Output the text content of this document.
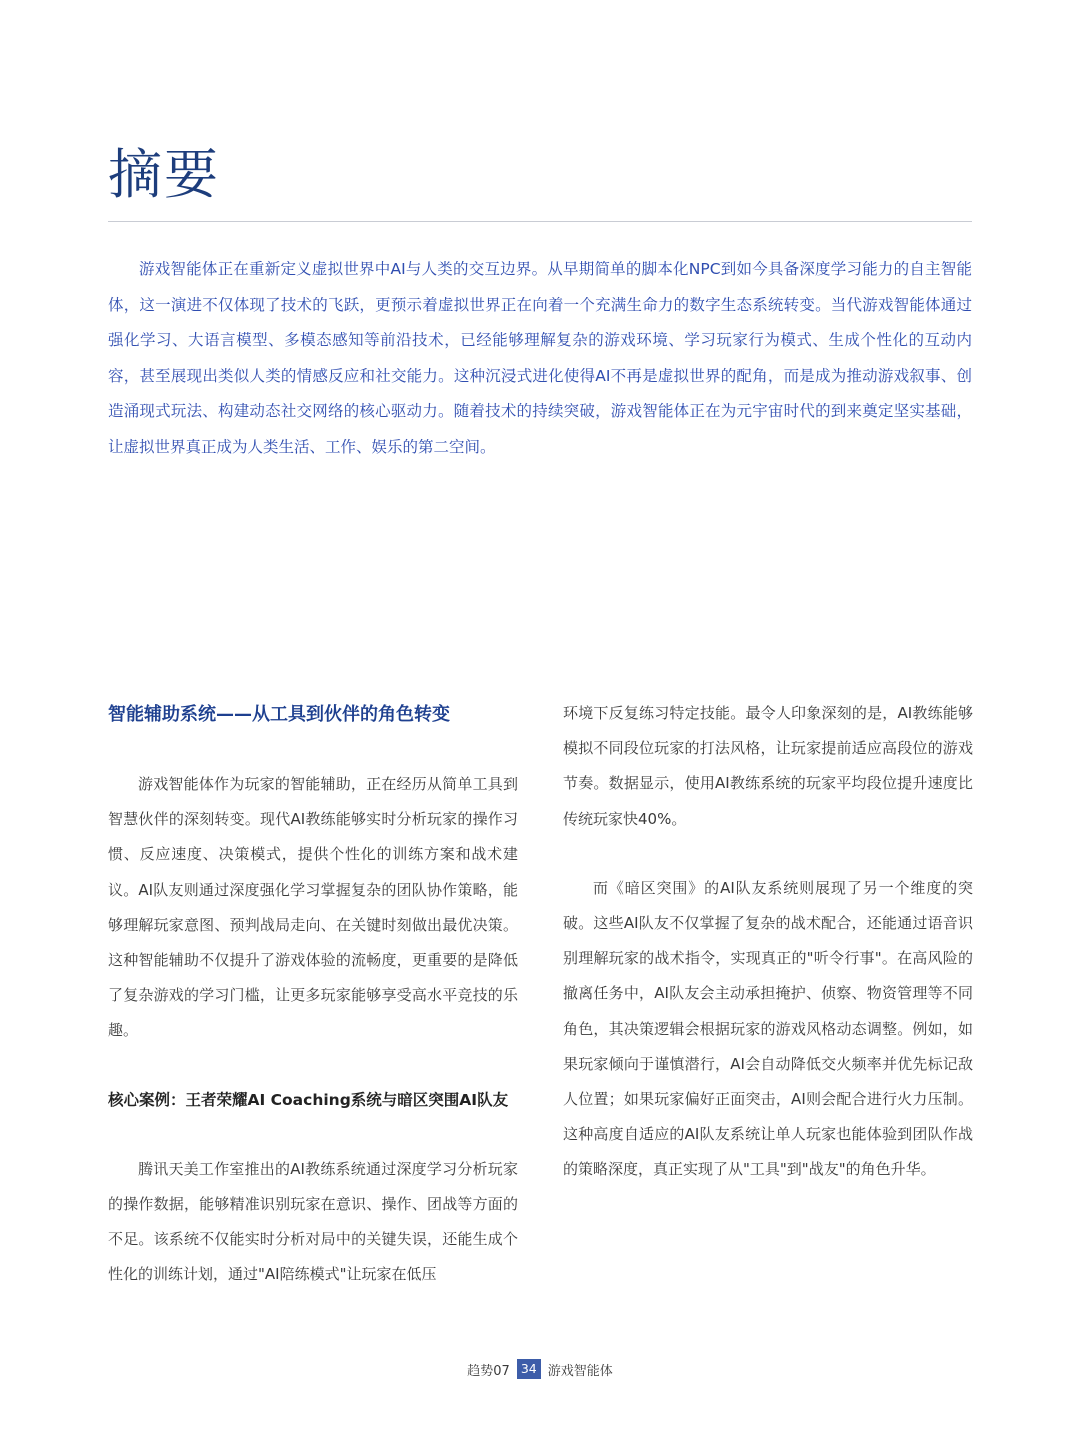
摘要

游戏智能体正在重新定义虚拟世界中AI与人类的交互边界。从早期简单的脚本化NPC到如今具备深度学习能力的自主智能体，这一演进不仅体现了技术的飞跃，更预示着虚拟世界正在向着一个充满生命力的数字生态系统转变。当代游戏智能体通过强化学习、大语言模型、多模态感知等前沿技术，已经能够理解复杂的游戏环境、学习玩家行为模式、生成个性化的互动内容，甚至展现出类似人类的情感反应和社交能力。这种沉浸式进化使得AI不再是虚拟世界的配角，而是成为推动游戏叙事、创造涌现式玩法、构建动态社交网络的核心驱动力。随着技术的持续突破，游戏智能体正在为元宇宙时代的到来奠定坚实基础，让虚拟世界真正成为人类生活、工作、娱乐的第二空间。

智能辅助系统——从工具到伙伴的角色转变

游戏智能体作为玩家的智能辅助，正在经历从简单工具到智慧伙伴的深刻转变。现代AI教练能够实时分析玩家的操作习惯、反应速度、决策模式，提供个性化的训练方案和战术建议。AI队友则通过深度强化学习掌握复杂的团队协作策略，能够理解玩家意图、预判战局走向、在关键时刻做出最优决策。这种智能辅助不仅提升了游戏体验的流畅度，更重要的是降低了复杂游戏的学习门槛，让更多玩家能够享受高水平竞技的乐趣。

核心案例：王者荣耀AI Coaching系统与暗区突围AI队友

腾讯天美工作室推出的AI教练系统通过深度学习分析玩家的操作数据，能够精准识别玩家在意识、操作、团战等方面的不足。该系统不仅能实时分析对局中的关键失误，还能生成个性化的训练计划，通过"AI陪练模式"让玩家在低压

环境下反复练习特定技能。最令人印象深刻的是，AI教练能够模拟不同段位玩家的打法风格，让玩家提前适应高段位的游戏节奏。数据显示，使用AI教练系统的玩家平均段位提升速度比传统玩家快40%。

而《暗区突围》的AI队友系统则展现了另一个维度的突破。这些AI队友不仅掌握了复杂的战术配合，还能通过语音识别理解玩家的战术指令，实现真正的"听令行事"。在高风险的撤离任务中，AI队友会主动承担掩护、侦察、物资管理等不同角色，其决策逻辑会根据玩家的游戏风格动态调整。例如，如果玩家倾向于谨慎潜行，AI会自动降低交火频率并优先标记敌人位置；如果玩家偏好正面突击，AI则会配合进行火力压制。这种高度自适应的AI队友系统让单人玩家也能体验到团队作战的策略深度，真正实现了从"工具"到"战友"的角色升华。

趋势07 34 游戏智能体
